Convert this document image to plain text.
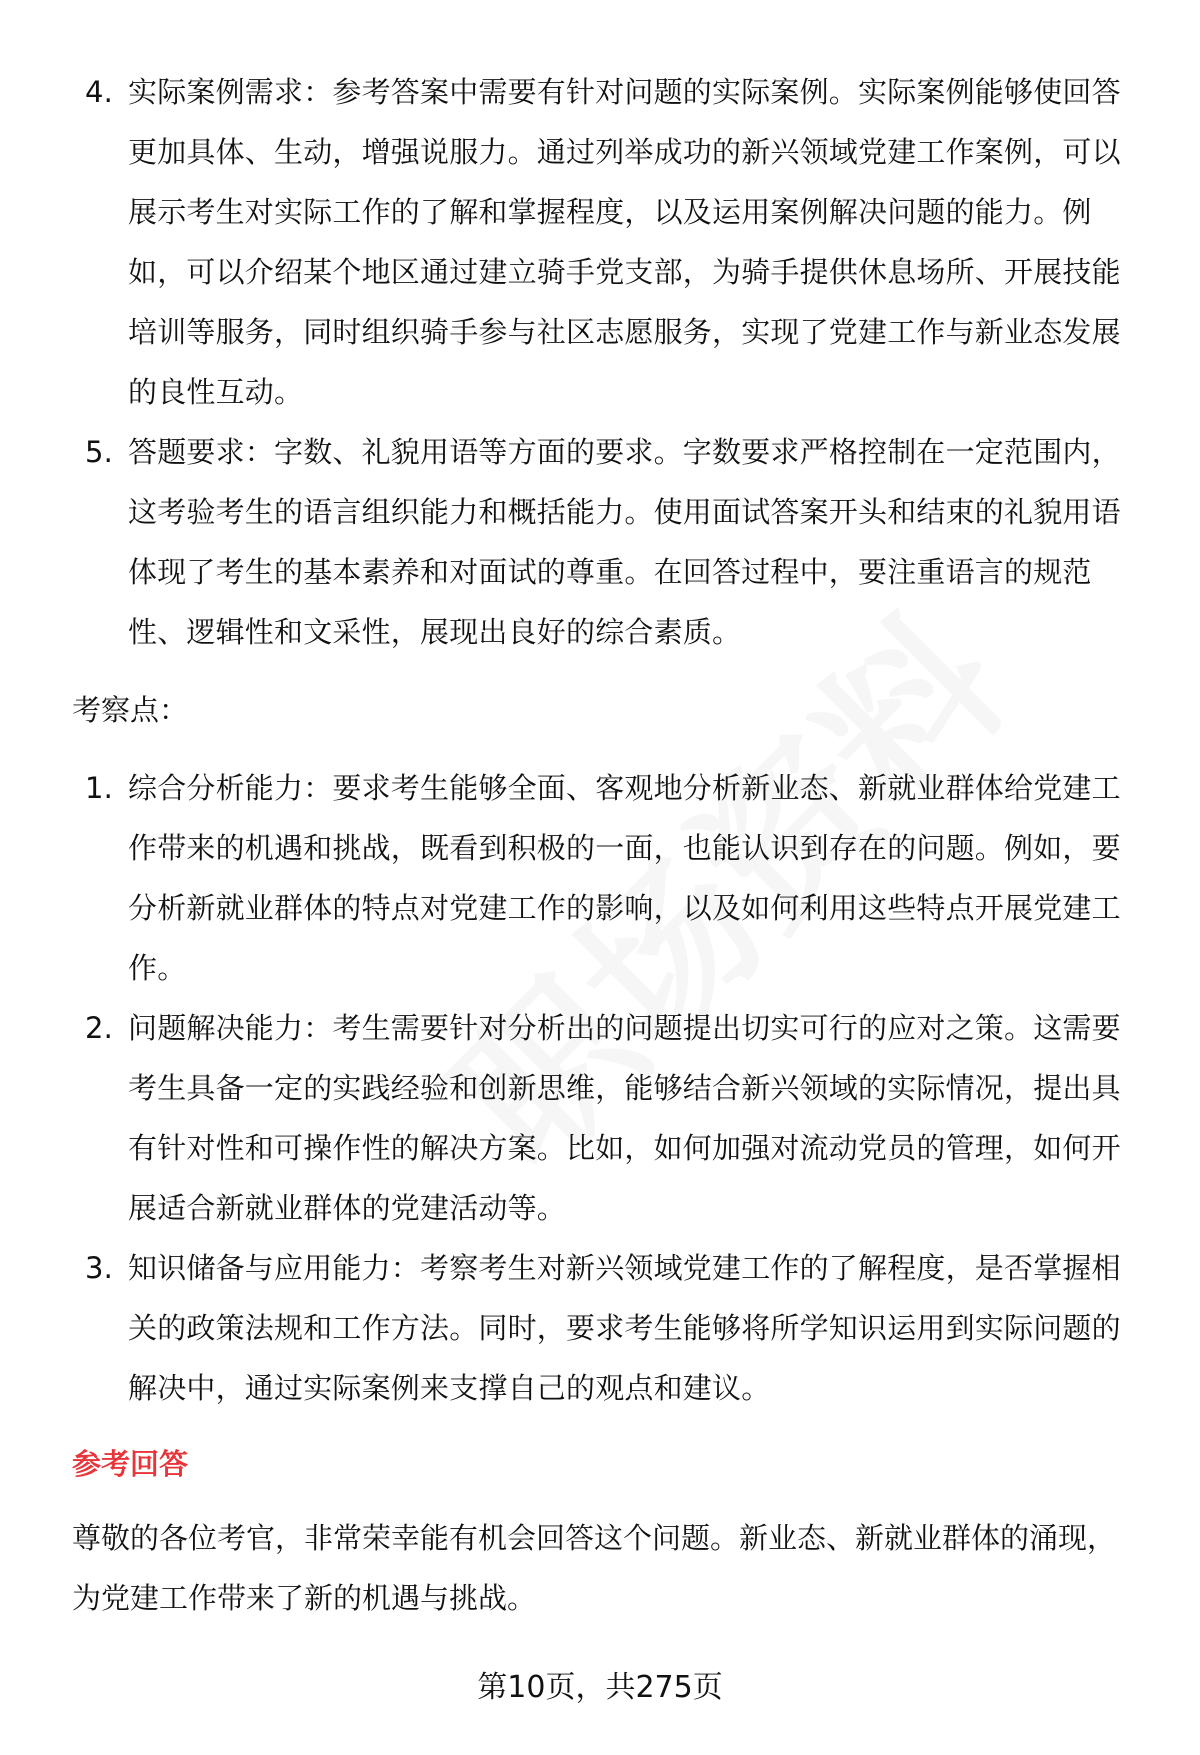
4. 实际案例需求：参考答案中需要有针对问题的实际案例。实际案例能够使回答更加具体、生动，增强说服力。通过列举成功的新兴领域党建工作案例，可以展示考生对实际工作的了解和掌握程度，以及运用案例解决问题的能力。例如，可以介绍某个地区通过建立骑手党支部，为骑手提供休息场所、开展技能培训等服务，同时组织骑手参与社区志愿服务，实现了党建工作与新业态发展的良性互动。
5. 答题要求：字数、礼貌用语等方面的要求。字数要求严格控制在一定范围内，这考验考生的语言组织能力和概括能力。使用面试答案开头和结束的礼貌用语体现了考生的基本素养和对面试的尊重。在回答过程中，要注重语言的规范性、逻辑性和文采性，展现出良好的综合素质。

考察点：

1. 综合分析能力：要求考生能够全面、客观地分析新业态、新就业群体给党建工作带来的机遇和挑战，既看到积极的一面，也能认识到存在的问题。例如，要分析新就业群体的特点对党建工作的影响，以及如何利用这些特点开展党建工作。
2. 问题解决能力：考生需要针对分析出的问题提出切实可行的应对之策。这需要考生具备一定的实践经验和创新思维，能够结合新兴领域的实际情况，提出具有针对性和可操作性的解决方案。比如，如何加强对流动党员的管理，如何开展适合新就业群体的党建活动等。
3. 知识储备与应用能力：考察考生对新兴领域党建工作的了解程度，是否掌握相关的政策法规和工作方法。同时，要求考生能够将所学知识运用到实际问题的解决中，通过实际案例来支撑自己的观点和建议。
参考回答

尊敬的各位考官，非常荣幸能有机会回答这个问题。新业态、新就业群体的涌现，为党建工作带来了新的机遇与挑战。

第10页，共275页
